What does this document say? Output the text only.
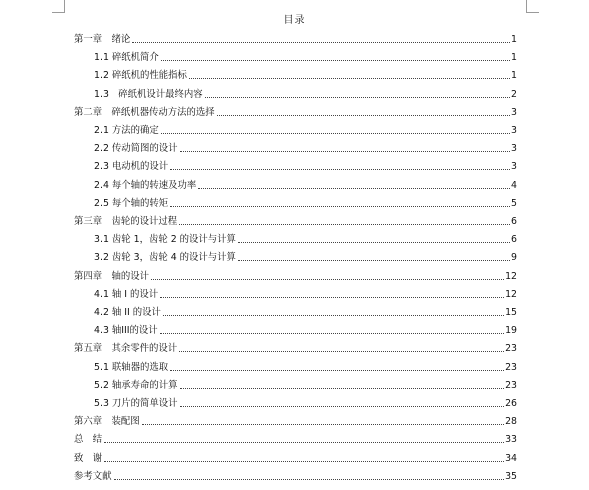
目录
第一章　绪论	1
1.1 碎纸机简介	1
1.2 碎纸机的性能指标	1
1.3　碎纸机设计最终内容	2
第二章　碎纸机器传动方法的选择	3
2.1 方法的确定	3
2.2 传动简图的设计	3
2.3 电动机的设计	3
2.4 每个轴的转速及功率	4
2.5 每个轴的转矩	5
第三章　齿轮的设计过程	6
3.1 齿轮 1，齿轮 2 的设计与计算	6
3.2 齿轮 3，齿轮 4 的设计与计算	9
第四章　轴的设计	12
4.1 轴 I 的设计	12
4.2 轴 II 的设计	15
4.3 轴III的设计	19
第五章　其余零件的设计	23
5.1 联轴器的选取	23
5.2 轴承寿命的计算	23
5.3 刀片的简单设计	26
第六章　装配图	28
总　结	33
致　谢	34
参考文献	35
